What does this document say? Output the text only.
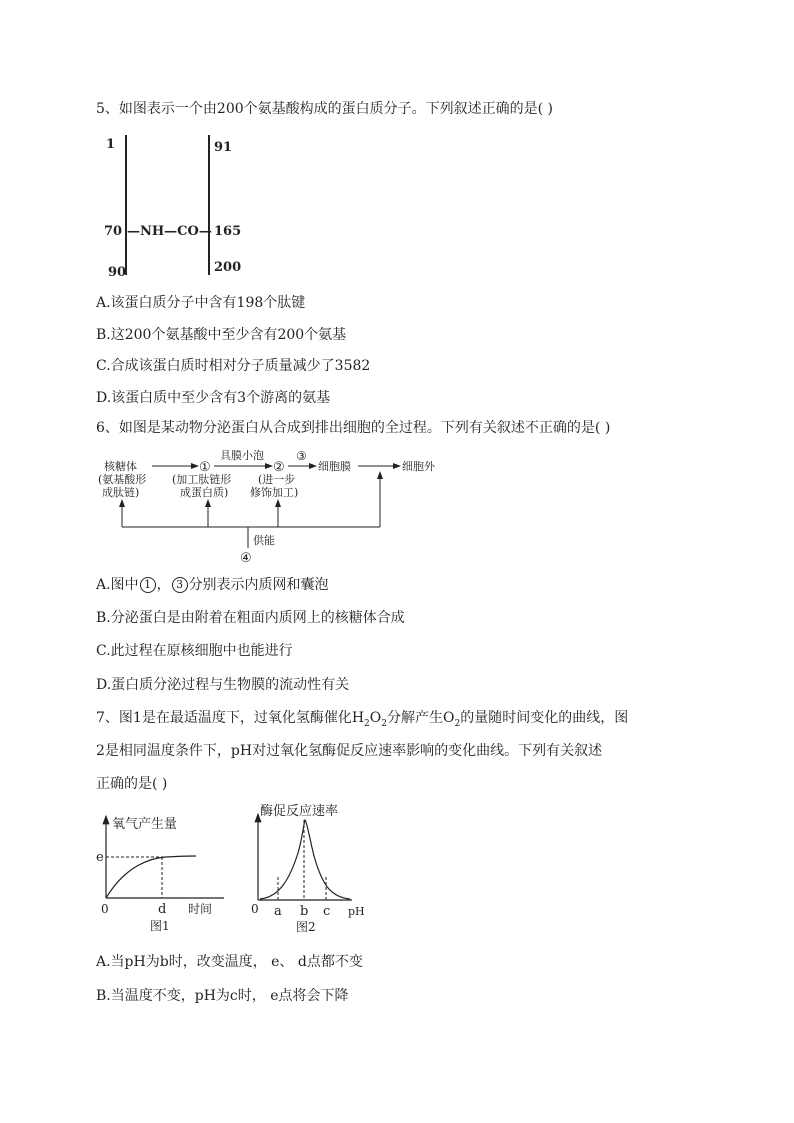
5、如图表示一个由200个氨基酸构成的蛋白质分子。下列叙述正确的是( )
1
70
90
—NH—CO—
91
165
200
A.该蛋白质分子中含有198个肽键
B.这200个氨基酸中至少含有200个氨基
C.合成该蛋白质时相对分子质量减少了3582
D.该蛋白质中至少含有3个游离的氨基
6、如图是某动物分泌蛋白从合成到排出细胞的全过程。下列有关叙述不正确的是( )
核糖体
(氨基酸形
成肽链)
①
(加工肽链形
成蛋白质)
具膜小泡
②
(进一步
修饰加工)
③
细胞膜	细胞外
供能
④
A.图中 1 ， 3 分别表示内质网和囊泡
B.分泌蛋白是由附着在粗面内质网上的核糖体合成
C.此过程在原核细胞中也能进行
D.蛋白质分泌过程与生物膜的流动性有关
7、图1是在最适温度下，过氧化氢酶催化$H_2O_2$分解产生$O_2$的量随时间变化的曲线，图
2是相同温度条件下，pH对过氧化氢酶促反应速率影响的变化曲线。下列有关叙述
正确的是( )
氧气产生量
e
0	d 时间
图1
酶促反应速率
0 a b c pH
图2
A.当pH为b时，改变温度， e、 d点都不变
B.当温度不变，pH为c时， e点将会下降
